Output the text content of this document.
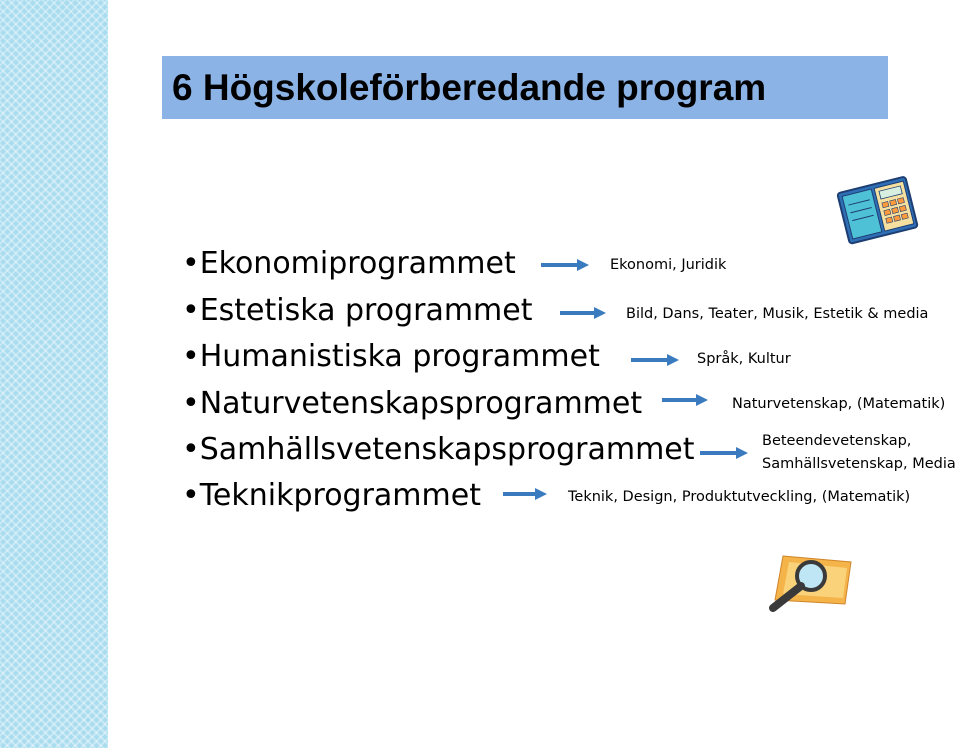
6 Högskoleförberedande program
•Ekonomiprogrammet
•Estetiska programmet
•Humanistiska programmet
•Naturvetenskapsprogrammet
•Samhällsvetenskapsprogrammet
•Teknikprogrammet
Ekonomi, Juridik
Bild, Dans, Teater, Musik, Estetik & media
Språk, Kultur
Naturvetenskap, (Matematik)
Beteendevetenskap,
Samhällsvetenskap, Media
Teknik, Design, Produktutveckling, (Matematik)
